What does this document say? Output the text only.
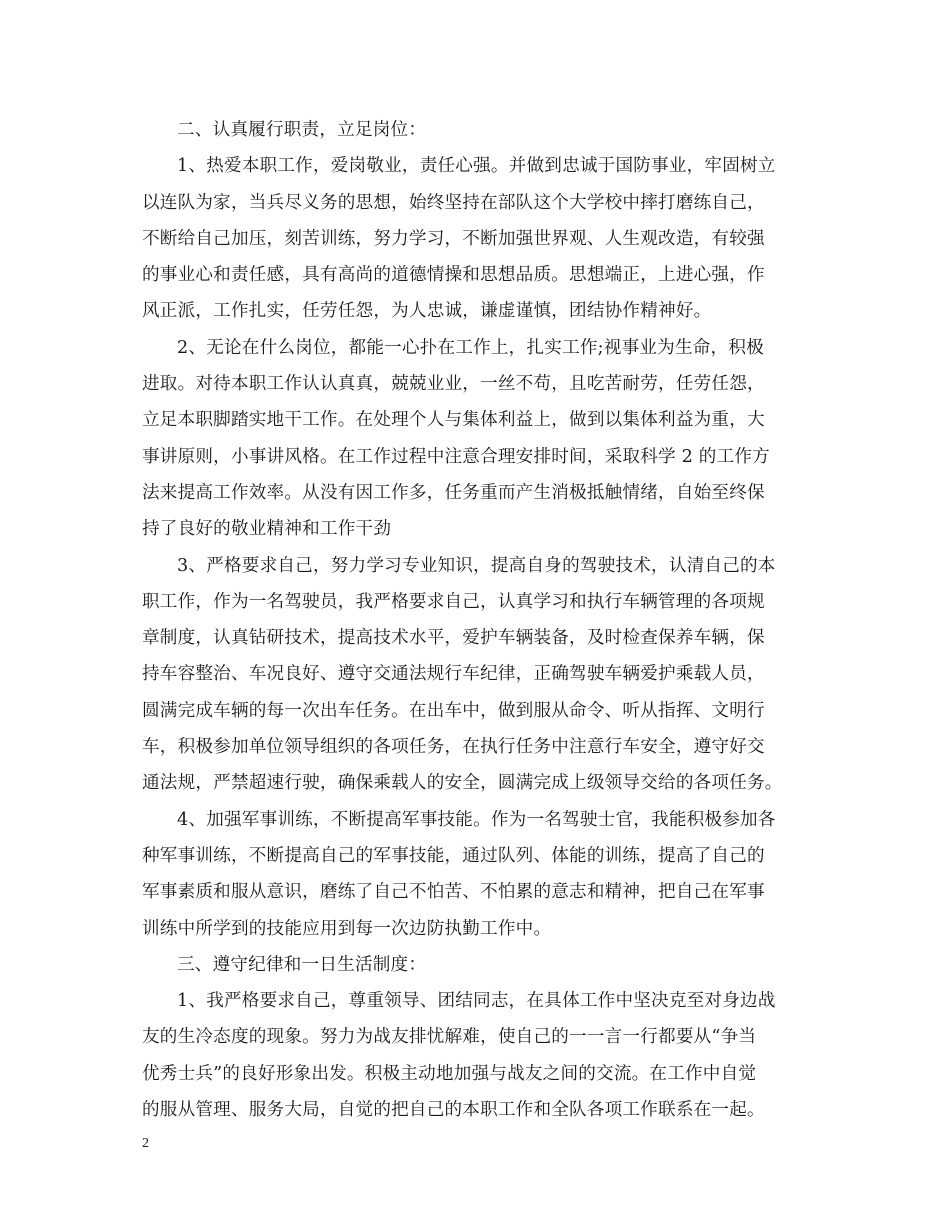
二、认真履行职责，立足岗位：
1、热爱本职工作，爱岗敬业，责任心强。并做到忠诚于国防事业，牢固树立
以连队为家，当兵尽义务的思想，始终坚持在部队这个大学校中摔打磨练自己，
不断给自己加压，刻苦训练，努力学习，不断加强世界观、人生观改造，有较强
的事业心和责任感，具有高尚的道德情操和思想品质。思想端正，上进心强，作
风正派，工作扎实，任劳任怨，为人忠诚，谦虚谨慎，团结协作精神好。
2、无论在什么岗位，都能一心扑在工作上，扎实工作;视事业为生命，积极
进取。对待本职工作认认真真，兢兢业业，一丝不苟，且吃苦耐劳，任劳任怨，
立足本职脚踏实地干工作。在处理个人与集体利益上，做到以集体利益为重，大
事讲原则，小事讲风格。在工作过程中注意合理安排时间，采取科学 2 的工作方
法来提高工作效率。从没有因工作多，任务重而产生消极抵触情绪，自始至终保
持了良好的敬业精神和工作干劲
3、严格要求自己，努力学习专业知识，提高自身的驾驶技术，认清自己的本
职工作，作为一名驾驶员，我严格要求自己，认真学习和执行车辆管理的各项规
章制度，认真钻研技术，提高技术水平，爱护车辆装备，及时检查保养车辆，保
持车容整治、车况良好、遵守交通法规行车纪律，正确驾驶车辆爱护乘载人员，
圆满完成车辆的每一次出车任务。在出车中，做到服从命令、听从指挥、文明行
车，积极参加单位领导组织的各项任务，在执行任务中注意行车安全，遵守好交
通法规，严禁超速行驶，确保乘载人的安全，圆满完成上级领导交给的各项任务。
4、加强军事训练，不断提高军事技能。作为一名驾驶士官，我能积极参加各
种军事训练，不断提高自己的军事技能，通过队列、体能的训练，提高了自己的
军事素质和服从意识，磨练了自己不怕苦、不怕累的意志和精神，把自己在军事
训练中所学到的技能应用到每一次边防执勤工作中。
三、遵守纪律和一日生活制度：
1、我严格要求自己，尊重领导、团结同志，在具体工作中坚决克至对身边战
友的生冷态度的现象。努力为战友排忧解难，使自己的一一言一行都要从“争当
优秀士兵”的良好形象出发。积极主动地加强与战友之间的交流。在工作中自觉
的服从管理、服务大局，自觉的把自己的本职工作和全队各项工作联系在一起。
2
